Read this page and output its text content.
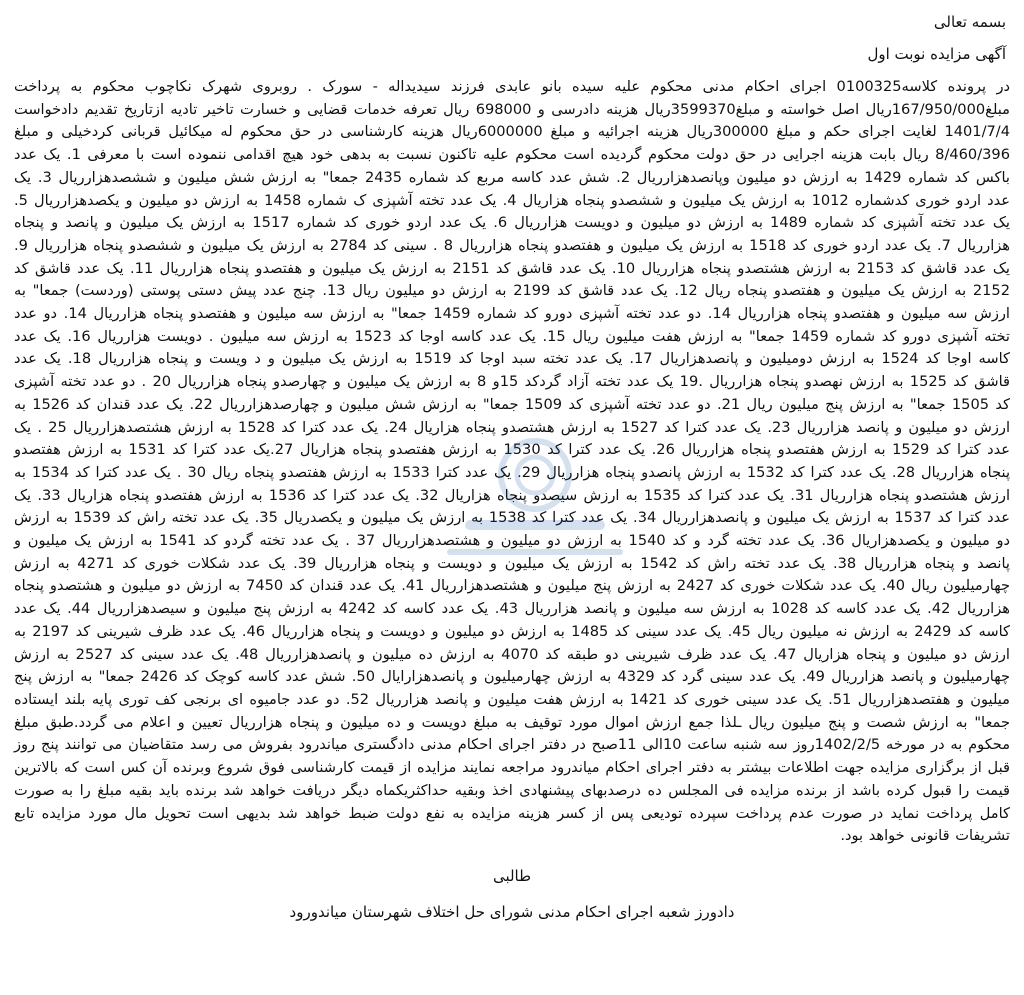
بسمه تعالی

آگهی مزایده نوبت اول

در پرونده کلاسه0100325 اجرای احکام مدنی محکوم علیه سیده بانو عابدی فرزند سیدیداله - سورک . روبروی شهرک نکاچوب محکوم به پرداخت مبلغ167/950/000ریال اصل خواسته و مبلغ3599370ریال هزینه دادرسی و 698000 ریال تعرفه خدمات قضایی و خسارت تاخیر تادیه ازتاریخ تقدیم دادخواست 1401/7/4 لغایت اجرای حکم و مبلغ 300000ریال هزینه اجرائیه و مبلغ 6000000ریال هزینه کارشناسی در حق محکوم له میکائیل قربانی کردخیلی و مبلغ 8/460/396 ریال بابت هزینه اجرایی در حق دولت محکوم گردیده است محکوم علیه تاکنون نسبت به بدهی خود هیچ اقدامی ننموده است با معرفی 1. یک عدد باکس کد شماره 1429 به ارزش دو میلیون وپانصدهزارریال 2. شش عدد کاسه مربع کد شماره 2435 جمعا" به ارزش شش میلیون و ششصدهزارریال 3. یک عدد اردو خوری کدشماره 1012 به ارزش یک میلیون و ششصدو پنجاه هزاریال 4. یک عدد تخته آشپزی ک شماره 1458 به ارزش دو میلیون و یکصدهزارریال 5. یک عدد تخته آشپزی کد شماره 1489 به ارزش دو میلیون و دویست هزارریال 6. یک عدد اردو خوری کد شماره 1517 به ارزش یک میلیون و پانصد و پنجاه هزارریال 7. یک عدد اردو خوری کد 1518 به ارزش یک میلیون و هفتصدو پنجاه هزارریال 8 . سینی کد 2784 به ارزش یک میلیون و ششصدو پنجاه هزارریال 9. یک عدد قاشق کد 2153 به ارزش هشتصدو پنجاه هزارریال 10. یک عدد قاشق کد 2151 به ارزش یک میلیون و هفتصدو پنجاه هزارریال 11. یک عدد قاشق کد 2152 به ارزش یک میلیون و هفتصدو پنجاه ریال 12. یک عدد قاشق کد 2199 به ارزش دو میلیون ریال 13. چنج عدد پیش دستی پوستی (وردست) جمعا" به ارزش سه میلیون و هفتصدو پنجاه هزارریال 14. دو عدد تخته آشپزی دورو کد شماره 1459 جمعا" به ارزش سه میلیون و هفتصدو پنجاه هزارریال 14. دو عدد تخته آشپزی دورو کد شماره 1459 جمعا" به ارزش هفت میلیون ریال 15. یک عدد کاسه اوجا کد 1523 به ارزش سه میلیون . دویست هزارریال 16. یک عدد کاسه اوجا کد 1524 به ارزش دومیلیون و پانصدهزاریال 17. یک عدد تخته سبد اوجا کد 1519 به ارزش یک میلیون و د ویست و پنجاه هزارریال 18. یک عدد قاشق کد 1525 به ارزش نهصدو پنجاه هزارریال .19 یک عدد تخته آزاد گردکد 15و 8 به ارزش یک میلیون و چهارصدو پنجاه هزارریال 20 . دو عدد تخته آشپزی کد 1505 جمعا" به ارزش پنج میلیون ریال 21. دو عدد تخته آشپزی کد 1509 جمعا" به ارزش شش میلیون و چهارصدهزارریال 22. یک عدد قندان کد 1526 به ارزش دو میلیون و پانصد هزارریال 23. یک عدد کترا کد 1527 به ارزش هشتصدو پنجاه هزاریال 24. یک عدد کترا کد 1528 به ارزش هشتصدهزارریال 25 . یک عدد کترا کد 1529 به ارزش هفتصدو پنجاه هزارریال 26. یک عدد کترا کد 1530 به ارزش هفتصدو پنجاه هزاریال 27.یک عدد کترا کد 1531 به ارزش هفتصدو پنجاه هزارریال 28. یک عدد کترا کد 1532 به ارزش پانصدو پنجاه هزارریال 29. یک عدد کترا 1533 به ارزش هفتصدو پنجاه ریال 30 . یک عدد کترا کد 1534 به ارزش هشتصدو پنجاه هزارریال 31. یک عدد کترا کد 1535 به ارزش سیصدو پنجاه هزاریال 32. یک عدد کترا کد 1536 به ارزش هفتصدو پنجاه هزاریال 33. یک عدد کترا کد 1537 به ارزش یک میلیون و پانصدهزارریال 34. یک عدد کترا کد 1538 به ارزش یک میلیون و یکصدریال 35. یک عدد تخته راش کد 1539 به ارزش دو میلیون و یکصدهزاریال 36. یک عدد تخته گرد و کد 1540 به ارزش دو میلیون و هشتصدهزارریال 37 . یک عدد تخته گردو کد 1541 به ارزش یک میلیون و پانصد و پنجاه هزارریال 38. یک عدد تخته راش کد 1542 به ارزش یک میلیون و دویست و پنجاه هزارریال 39. یک عدد شکلات خوری کد 4271 به ارزش چهارمیلیون ریال 40. یک عدد شکلات خوری کد 2427 به ارزش پنج میلیون و هشتصدهزارریال 41. یک عدد قندان کد 7450 به ارزش دو میلیون و هشتصدو پنجاه هزارریال 42. یک عدد کاسه کد 1028 به ارزش سه میلیون و پانصد هزارریال 43. یک عدد کاسه کد 4242 به ارزش پنج میلیون و سیصدهزارریال 44. یک عدد کاسه کد 2429 به ارزش نه میلیون ریال 45. یک عدد سینی کد 1485 به ارزش دو میلیون و دویست و پنجاه هزارریال 46. یک عدد ظرف شیرینی کد 2197 به ارزش دو میلیون و پنجاه هزاریال 47. یک عدد ظرف شیرینی دو طبقه کد 4070 به ارزش ده میلیون و پانصدهزارریال 48. یک عدد سینی کد 2527 به ارزش چهارمیلیون و پانصد هزارریال 49. یک عدد سینی گرد کد 4329 به ارزش چهارمیلیون و پانصدهزارایال 50. شش عدد کاسه کوچک کد 2426 جمعا" به ارزش پنج میلیون و هفتصدهزارریال 51. یک عدد سینی خوری کد 1421 به ارزش هفت میلیون و پانصد هزارریال 52. دو عدد جامیوه ای برنجی کف توری پایه بلند ایستاده جمعا" به ارزش شصت و پنج میلیون ریال ـلذا جمع ارزش اموال مورد توقیف به مبلغ دویست و ده میلیون و پنجاه هزارریال تعیین و اعلام می گردد.طبق مبلغ محکوم به در مورخه 1402/2/5روز سه شنبه ساعت 10الی 11صبح در دفتر اجرای احکام مدنی دادگستری میاندرود بفروش می رسد متقاضیان می توانند پنج روز قبل از برگزاری مزایده جهت اطلاعات بیشتر به دفتر اجرای احکام میاندرود مراجعه نمایند مزایده از قیمت کارشناسی فوق شروع وبرنده آن کس است که بالاترین قیمت را قبول کرده باشد از برنده مزایده فی المجلس ده درصدبهای پیشنهادی اخذ وبقیه حداکثریکماه دیگر دریافت خواهد شد برنده باید بقیه مبلغ را به صورت کامل پرداخت نماید در صورت عدم پرداخت سپرده تودیعی پس از کسر هزینه مزایده به نفع دولت ضبط خواهد شد بدیهی است تحویل مال مورد مزایده تابع تشریفات قانونی خواهد بود.

طالبی

دادورز شعبه اجرای احکام مدنی شورای حل اختلاف شهرستان میاندورود
